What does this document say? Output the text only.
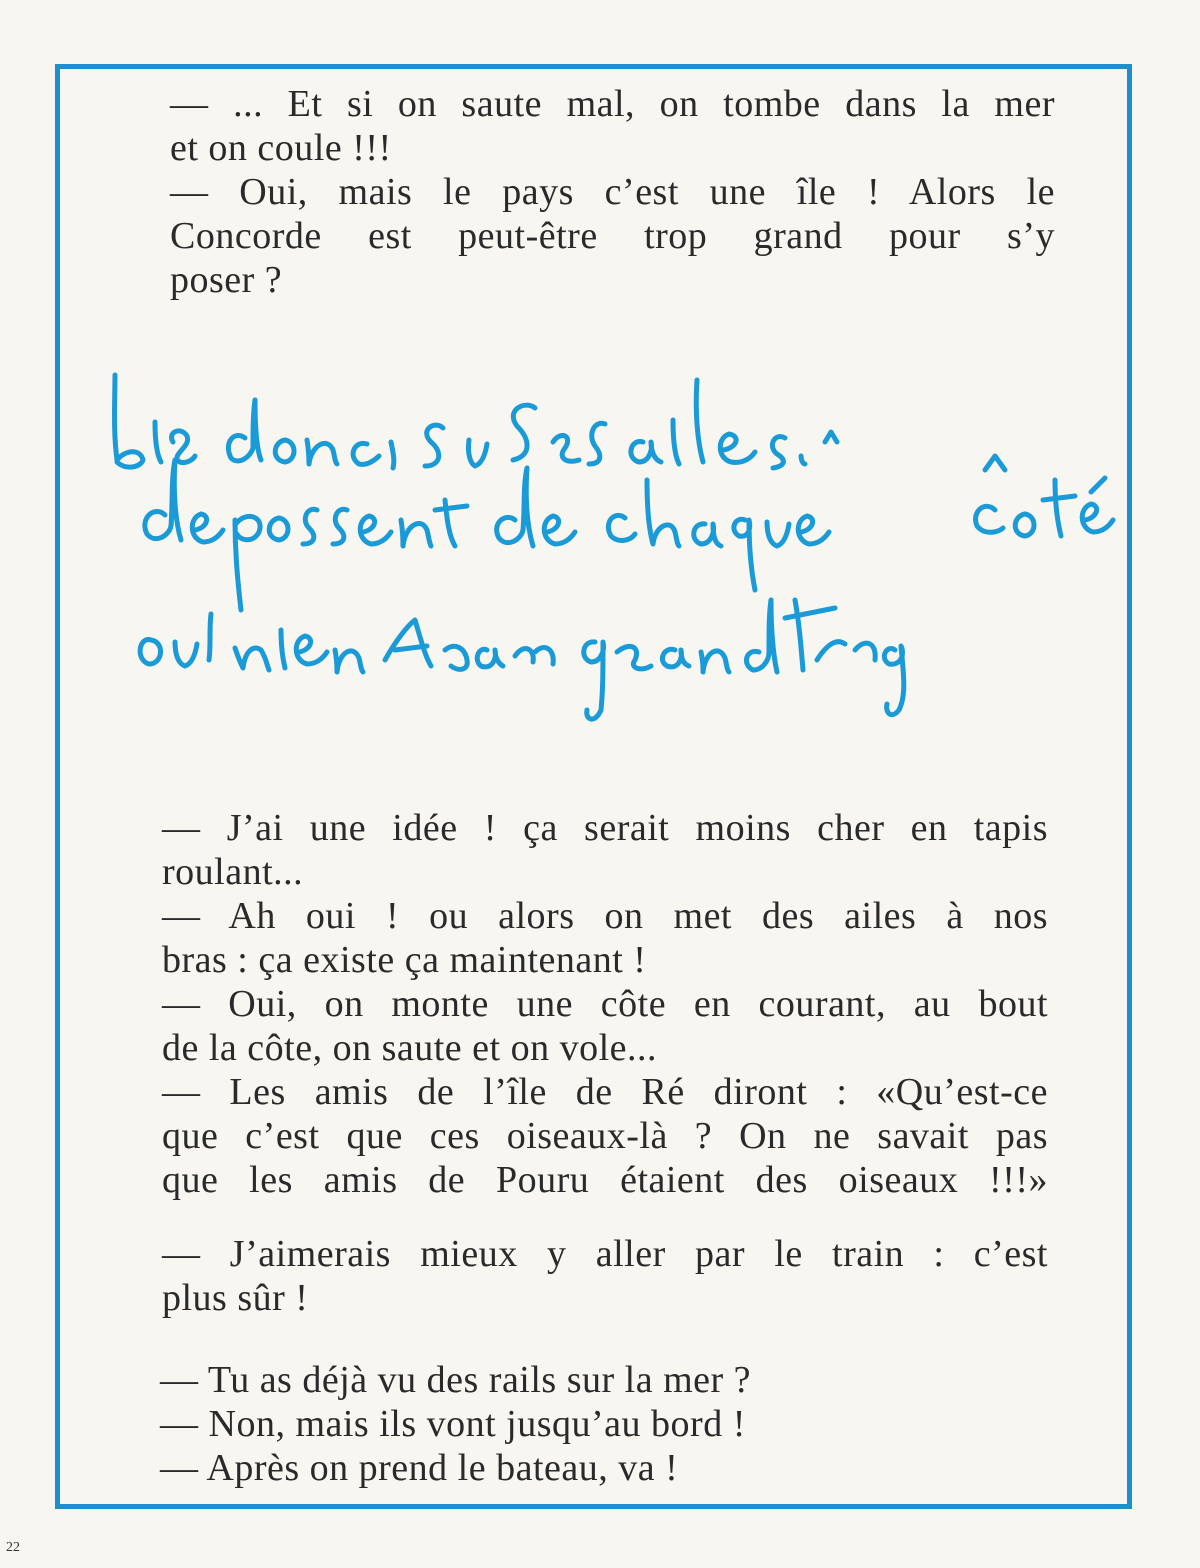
— ... Et si on saute mal, on tombe dans la mer
et on coule !!!
— Oui, mais le pays c’est une île ! Alors le
Concorde est peut-être trop grand pour s’y
poser ?
— J’ai une idée ! ça serait moins cher en tapis
roulant...
— Ah oui ! ou alors on met des ailes à nos
bras : ça existe ça maintenant !
— Oui, on monte une côte en courant, au bout
de la côte, on saute et on vole...
— Les amis de l’île de Ré diront : «Qu’est-ce
que c’est que ces oiseaux-là ? On ne savait pas
que les amis de Pouru étaient des oiseaux !!!»
— J’aimerais mieux y aller par le train : c’est
plus sûr !
— Tu as déjà vu des rails sur la mer ?
— Non, mais ils vont jusqu’au bord !
— Après on prend le bateau, va !
22
